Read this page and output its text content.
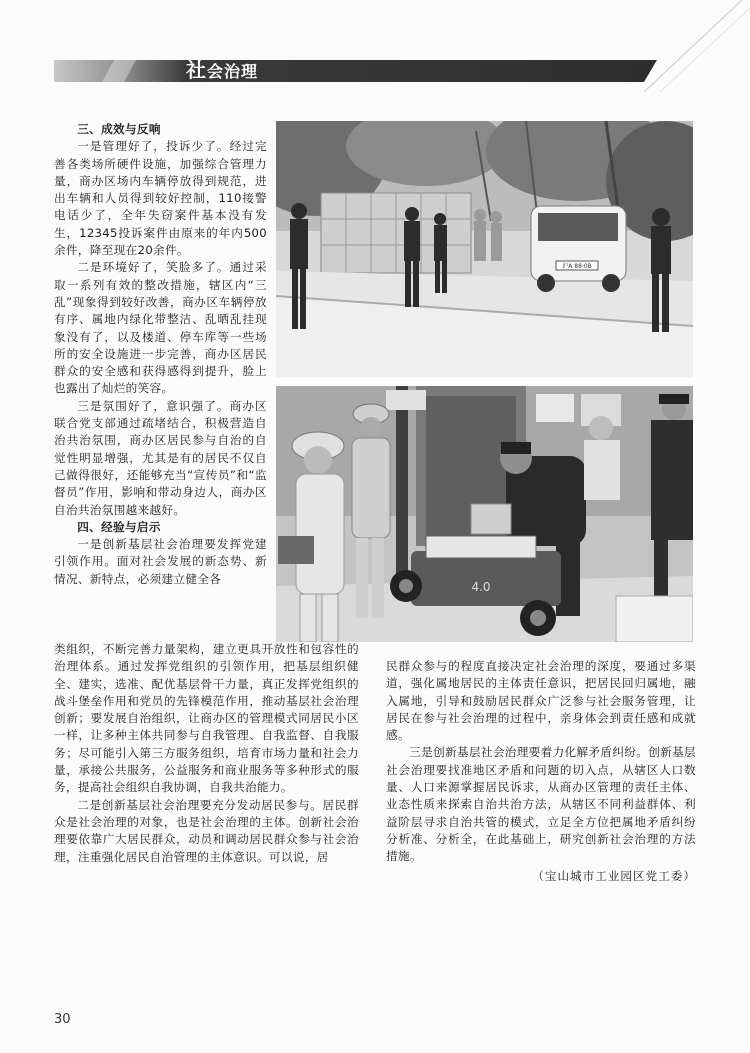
社会治理

三、成效与反响

一是管理好了，投诉少了。经过完善各类场所硬件设施，加强综合管理力量，商办区场内车辆停放得到规范，进出车辆和人员得到较好控制，110接警电话少了，全年失窃案件基本没有发生，12345投诉案件由原来的年内500余件，降至现在20余件。

二是环境好了，笑脸多了。通过采取一系列有效的整改措施，辖区内“三乱”现象得到较好改善，商办区车辆停放有序、属地内绿化带整洁、乱晒乱挂现象没有了，以及楼道、停车库等一些场所的安全设施进一步完善，商办区居民群众的安全感和获得感得到提升，脸上也露出了灿烂的笑容。

三是氛围好了，意识强了。商办区联合党支部通过疏堵结合，积极营造自治共治氛围，商办区居民参与自治的自觉性明显增强，尤其是有的居民不仅自己做得很好，还能够充当“宣传员”和“监督员”作用，影响和带动身边人，商办区自治共治氛围越来越好。

四、经验与启示

一是创新基层社会治理要发挥党建引领作用。面对社会发展的新态势、新情况、新特点，必须建立健全各

沪A 88·0B
4.0

类组织，不断完善力量架构，建立更具开放性和包容性的治理体系。通过发挥党组织的引领作用，把基层组织健全、建实，选准、配优基层骨干力量，真正发挥党组织的战斗堡垒作用和党员的先锋模范作用，推动基层社会治理创新；要发展自治组织，让商办区的管理模式同居民小区一样，让多种主体共同参与自我管理、自我监督、自我服务；尽可能引入第三方服务组织，培育市场力量和社会力量，承接公共服务，公益服务和商业服务等多种形式的服务，提高社会组织自我协调，自我共治能力。

二是创新基层社会治理要充分发动居民参与。居民群众是社会治理的对象，也是社会治理的主体。创新社会治理要依靠广大居民群众，动员和调动居民群众参与社会治理，注重强化居民自治管理的主体意识。可以说，居

民群众参与的程度直接决定社会治理的深度，要通过多渠道，强化属地居民的主体责任意识，把居民回归属地，融入属地，引导和鼓励居民群众广泛参与社会服务管理，让居民在参与社会治理的过程中，亲身体会到责任感和成就感。

三是创新基层社会治理要着力化解矛盾纠纷。创新基层社会治理要找准地区矛盾和问题的切入点，从辖区人口数量、人口来源掌握居民诉求，从商办区管理的责任主体、业态性质来探索自治共治方法，从辖区不同利益群体、利益阶层寻求自治共管的模式，立足全方位把属地矛盾纠纷分析准、分析全，在此基础上，研究创新社会治理的方法措施。

（宝山城市工业园区党工委）

30
